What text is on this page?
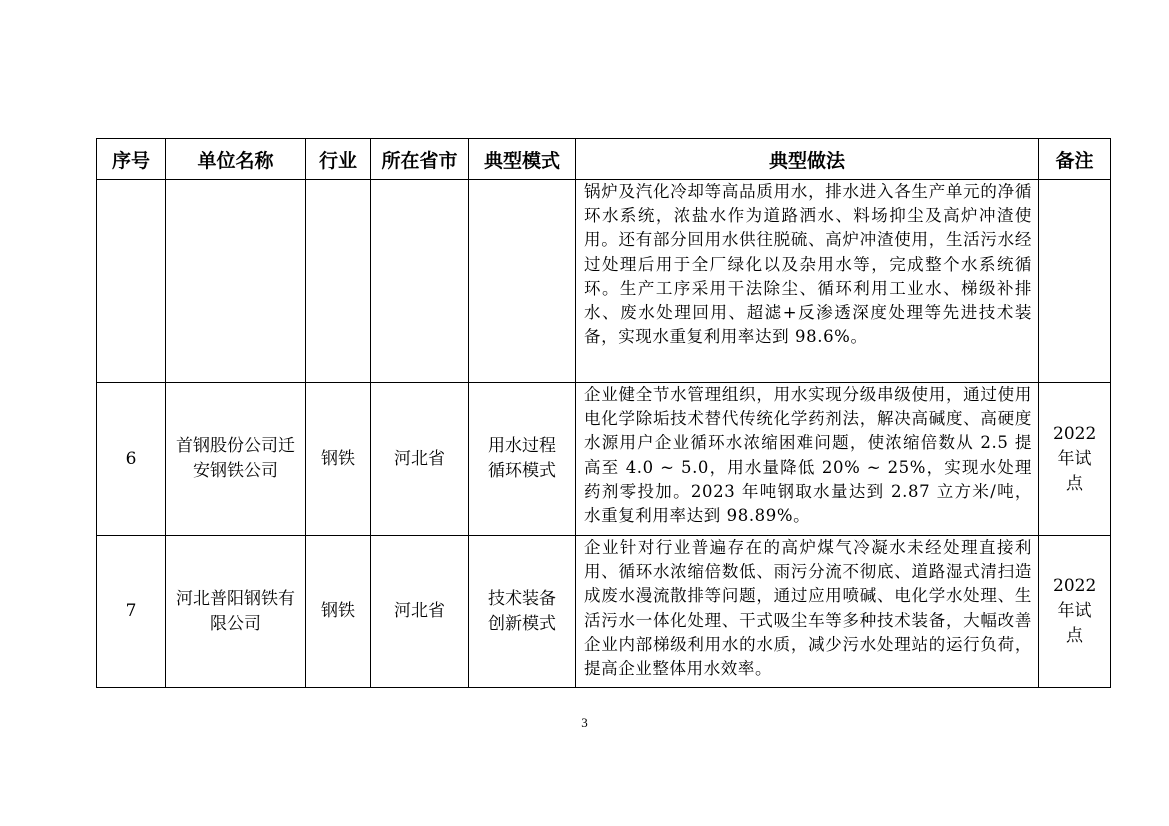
序号	单位名称	行业	所在省市	典型模式	典型做法	备注

					锅炉及汽化冷却等高品质用水，排水进入各生产单元的净循环水系统，浓盐水作为道路洒水、料场抑尘及高炉冲渣使用。还有部分回用水供往脱硫、高炉冲渣使用，生活污水经过处理后用于全厂绿化以及杂用水等，完成整个水系统循环。生产工序采用干法除尘、循环利用工业水、梯级补排水、废水处理回用、超滤+反渗透深度处理等先进技术装备，实现水重复利用率达到 98.6%。	

6	首钢股份公司迁安钢铁公司	钢铁	河北省	用水过程循环模式	企业健全节水管理组织，用水实现分级串级使用，通过使用电化学除垢技术替代传统化学药剂法，解决高碱度、高硬度水源用户企业循环水浓缩困难问题，使浓缩倍数从 2.5 提高至 4.0 ~ 5.0，用水量降低 20% ~ 25%，实现水处理药剂零投加。2023 年吨钢取水量达到 2.87 立方米/吨，水重复利用率达到 98.89%。	2022年试点
7	河北普阳钢铁有限公司	钢铁	河北省	技术装备创新模式	企业针对行业普遍存在的高炉煤气冷凝水未经处理直接利用、循环水浓缩倍数低、雨污分流不彻底、道路湿式清扫造成废水漫流散排等问题，通过应用喷碱、电化学水处理、生活污水一体化处理、干式吸尘车等多种技术装备，大幅改善企业内部梯级利用水的水质，减少污水处理站的运行负荷，提高企业整体用水效率。	2022年试点
3
